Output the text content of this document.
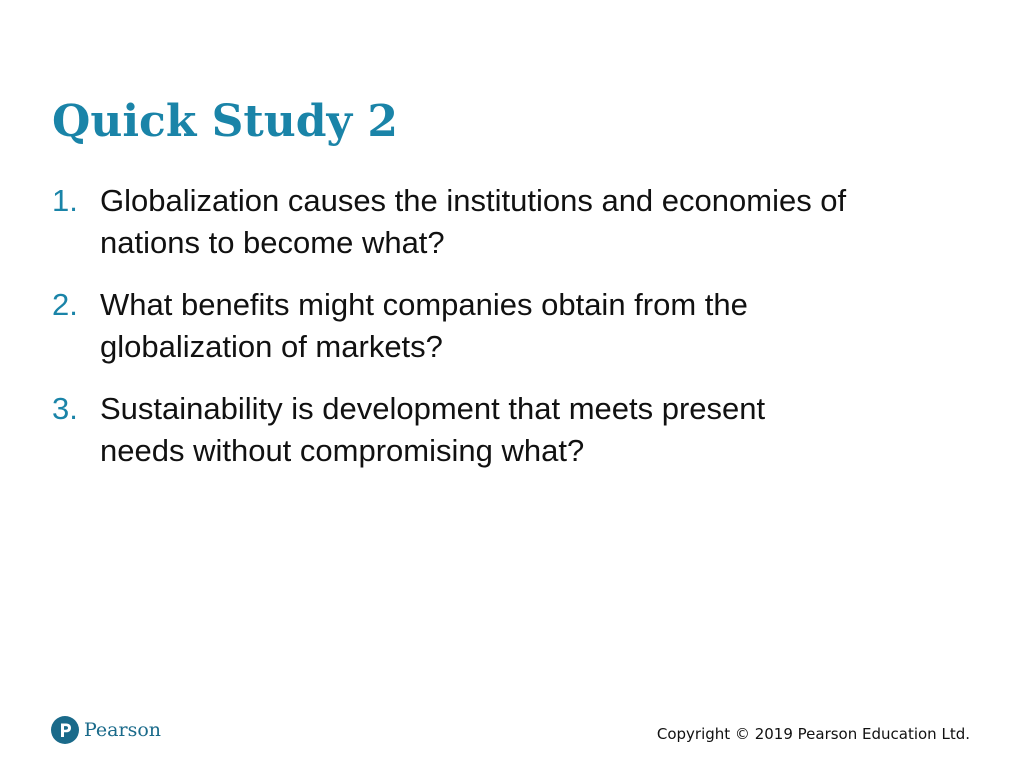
Quick Study 2
1. Globalization causes the institutions and economies of
nations to become what?
2. What benefits might companies obtain from the
globalization of markets?
3. Sustainability is development that meets present
needs without compromising what?
Pearson	Copyright © 2019 Pearson Education Ltd.
